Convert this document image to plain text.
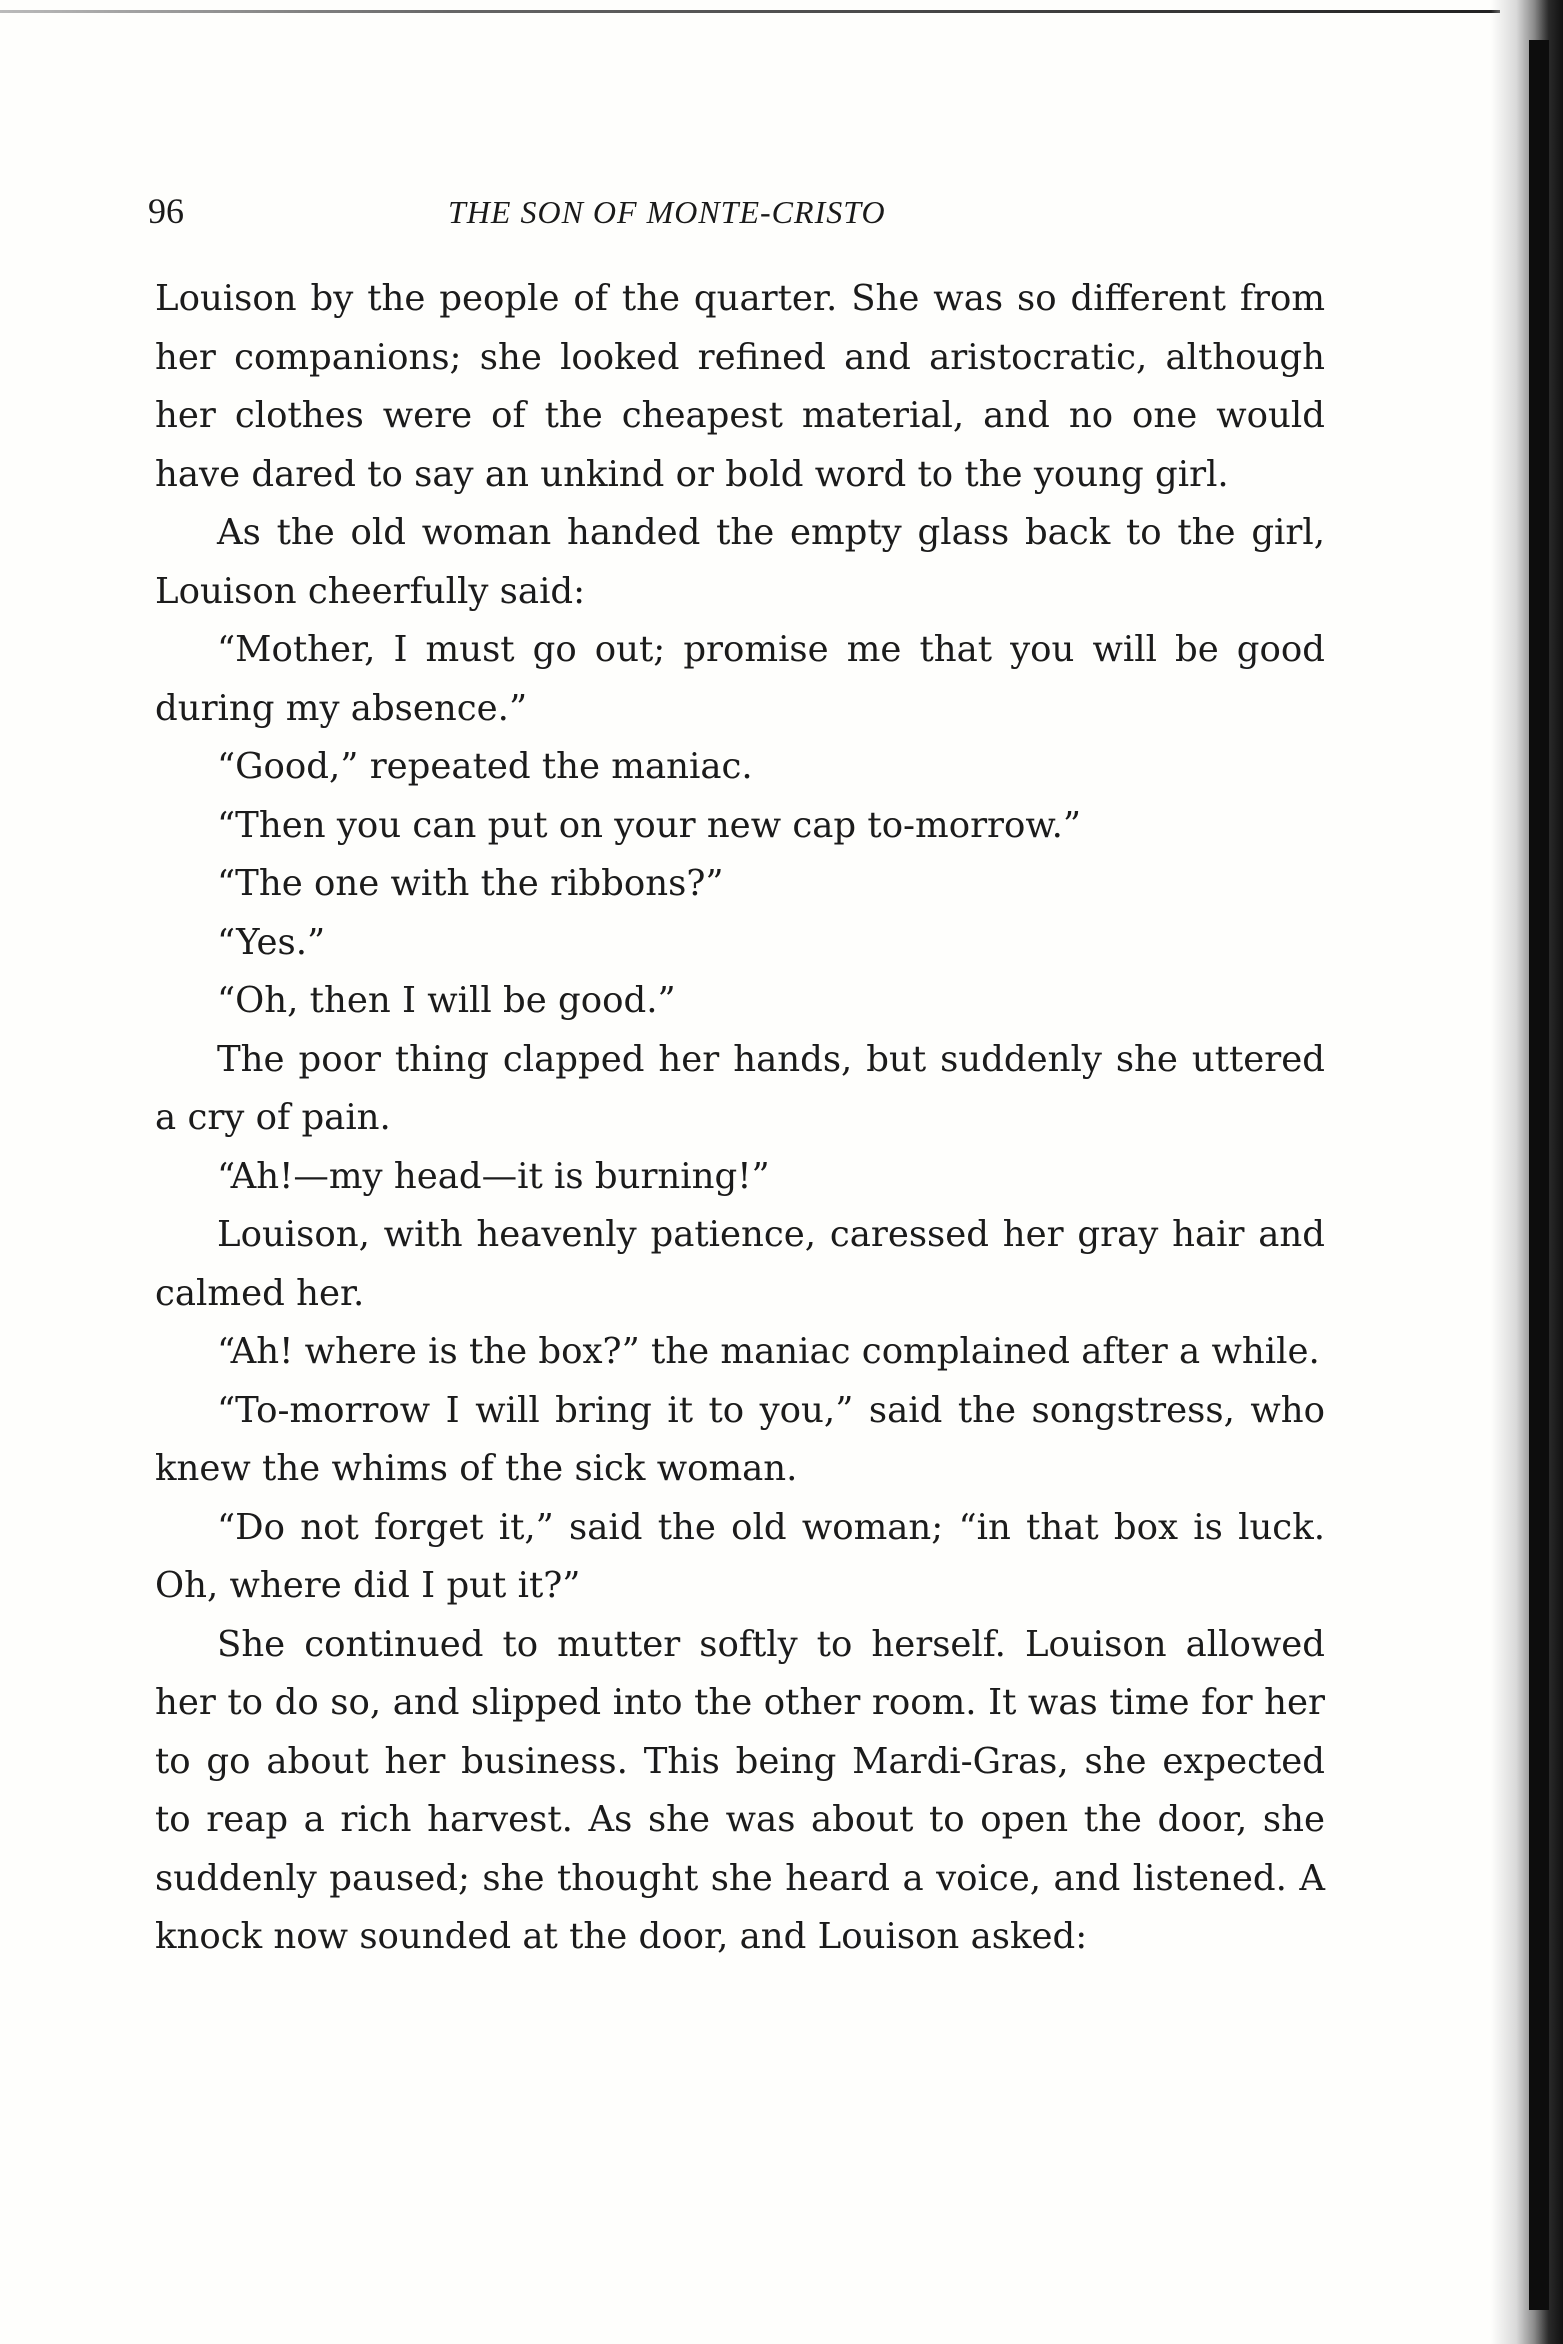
96	THE SON OF MONTE-CRISTO

Louison by the people of the quarter. She was so different from her companions; she looked refined and aristocratic, although her clothes were of the cheapest material, and no one would have dared to say an unkind or bold word to the young girl.

As the old woman handed the empty glass back to the girl, Louison cheerfully said:

“Mother, I must go out; promise me that you will be good during my absence.”

“Good,” repeated the maniac.

“Then you can put on your new cap to-morrow.”

“The one with the ribbons?”

“Yes.”

“Oh, then I will be good.”

The poor thing clapped her hands, but suddenly she uttered a cry of pain.

“Ah!—my head—it is burning!”

Louison, with heavenly patience, caressed her gray hair and calmed her.

“Ah! where is the box?” the maniac complained after a while.

“To-morrow I will bring it to you,” said the songstress, who knew the whims of the sick woman.

“Do not forget it,” said the old woman; “in that box is luck. Oh, where did I put it?”

She continued to mutter softly to herself. Louison allowed her to do so, and slipped into the other room. It was time for her to go about her business. This being Mardi-Gras, she expected to reap a rich harvest. As she was about to open the door, she suddenly paused; she thought she heard a voice, and listened. A knock now sounded at the door, and Louison asked:
